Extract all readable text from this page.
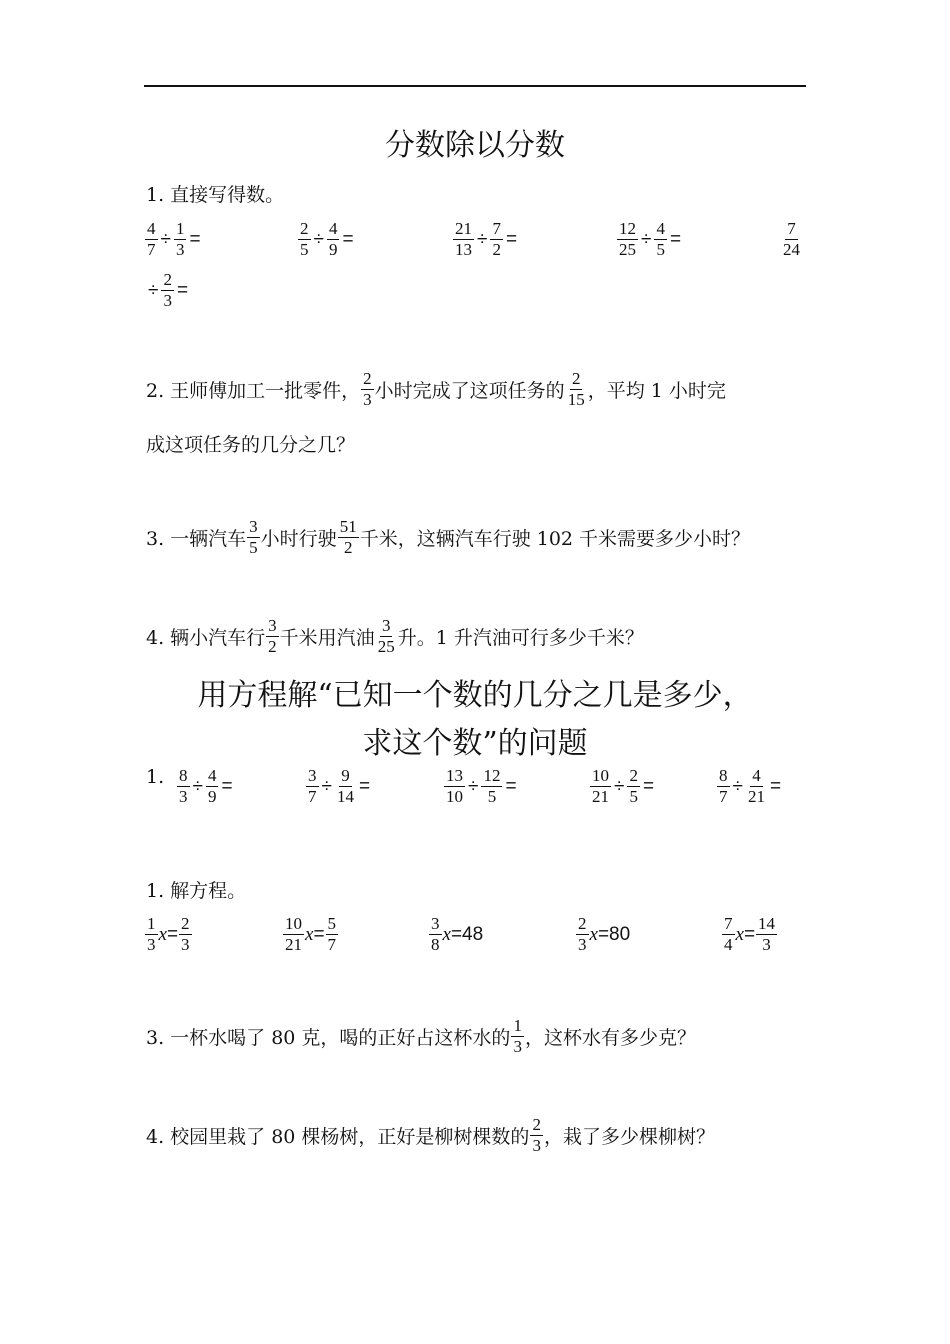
分数除以分数
1. 直接写得数。
$\frac{4}{7} \div \frac{1}{3}$ =	$\frac{2}{5} \div \frac{4}{9}$ =	$\frac{21}{13} \div \frac{7}{2}$ =	$\frac{12}{25} \div \frac{4}{5}$ =	$\frac{7}{24}$
÷ $\frac{2}{3}$ =
2. 王师傅加工一批零件， $\frac{2}{3}$ 小时完成了这项任务的 $\frac{2}{15}$ ，平均 1 小时完
成这项任务的几分之几？
3. 一辆汽车 $\frac{3}{5}$ 小时行驶 $\frac{51}{2}$ 千米，这辆汽车行驶 102 千米需要多少小时？
4. 辆小汽车行 $\frac{3}{2}$ 千米用汽油 $\frac{3}{25}$ 升。1 升汽油可行多少千米？
用方程解“已知一个数的几分之几是多少，
求这个数”的问题
1. $\frac{8}{3} \div \frac{4}{9}$ =	$\frac{3}{7} \div \frac{9}{14}$ =	$\frac{13}{10} \div \frac{12}{5}$ =	$\frac{10}{21} \div \frac{2}{5}$ =	$\frac{8}{7} \div \frac{4}{21}$ =
1. 解方程。
$\frac{1}{3}$ $x = \frac{2}{3}$	$\frac{10}{21}$ $x = \frac{5}{7}$	$\frac{3}{8}$ x = 48	$\frac{2}{3}$ x = 80	$\frac{7}{4}$ $x = \frac{14}{3}$
3. 一杯水喝了 80 克，喝的正好占这杯水的 $\frac{1}{3}$ ，这杯水有多少克？
4. 校园里栽了 80 棵杨树，正好是柳树棵数的 $\frac{2}{3}$ ，栽了多少棵柳树？
